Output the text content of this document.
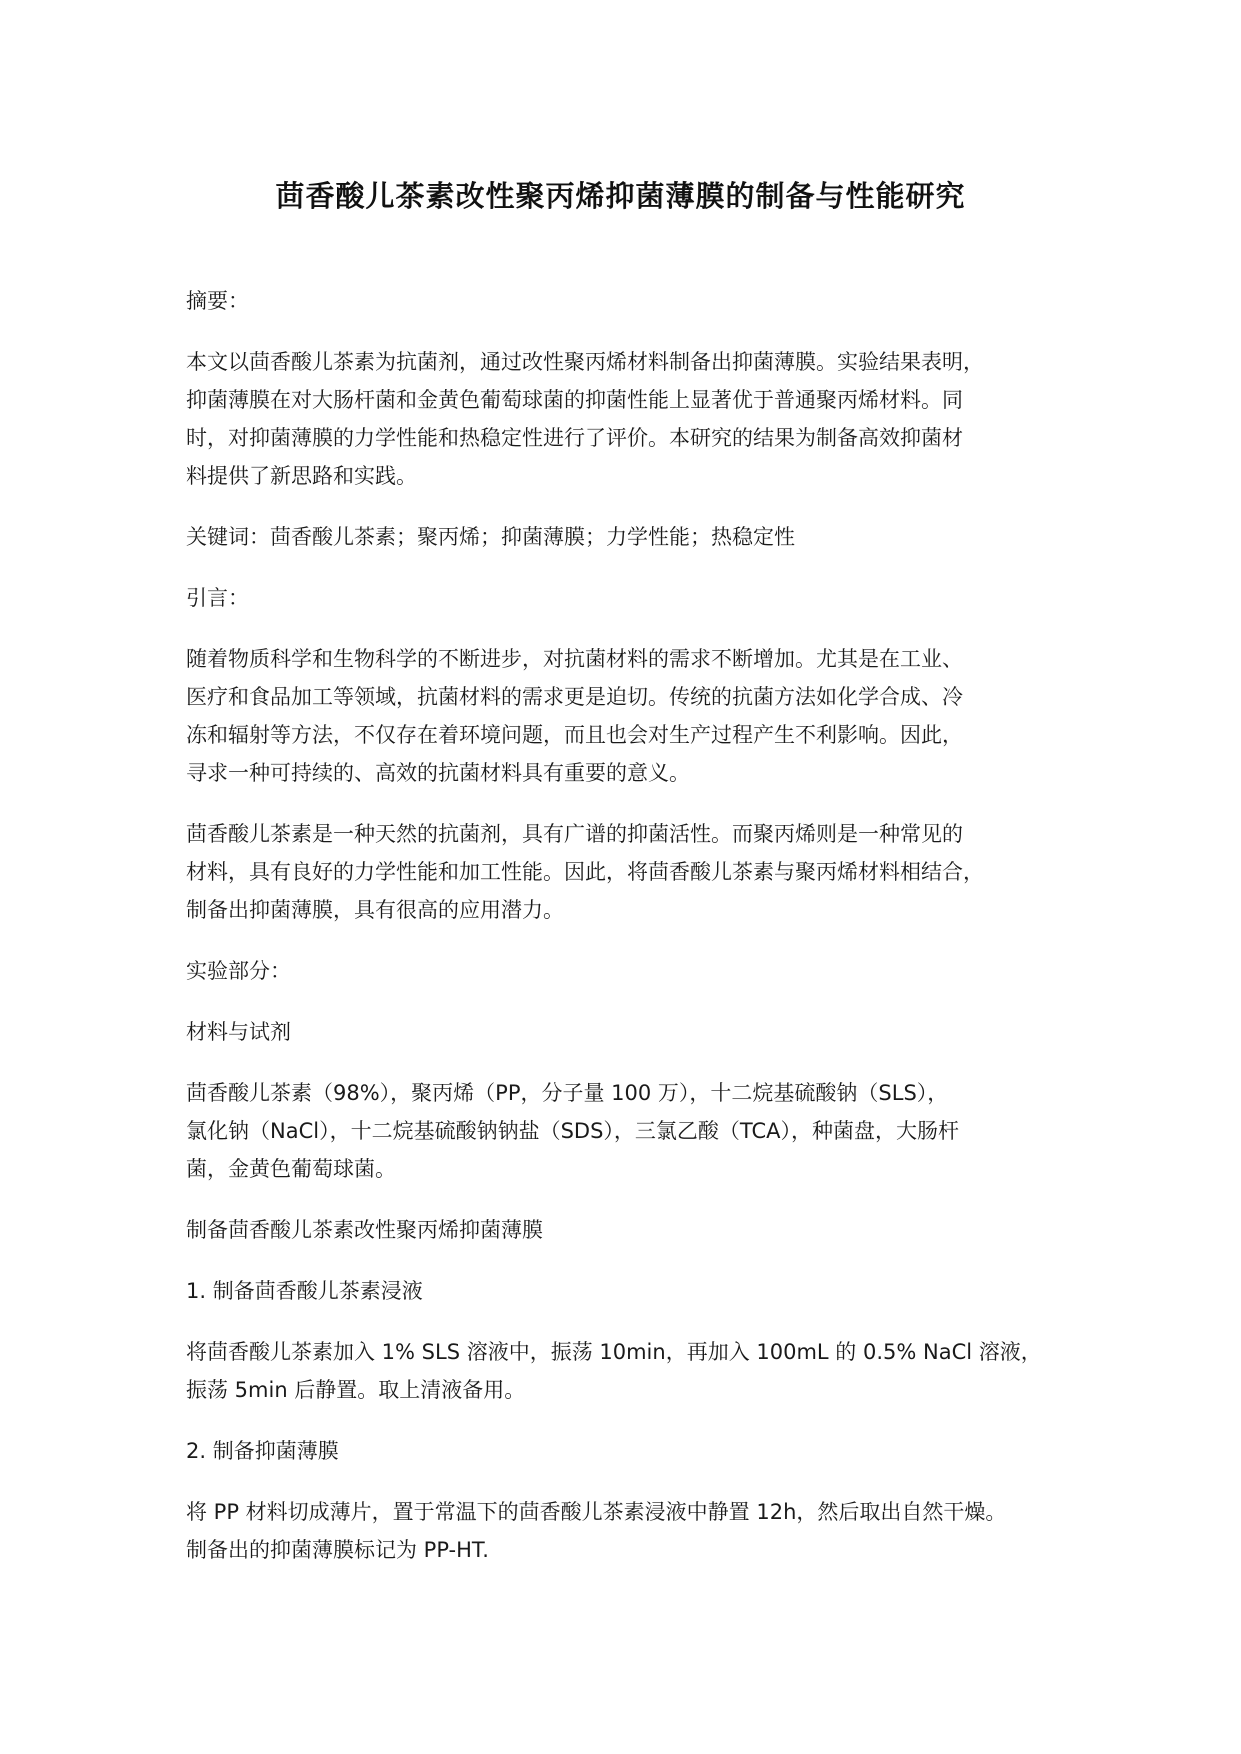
茴香酸儿茶素改性聚丙烯抑菌薄膜的制备与性能研究

摘要：

本文以茴香酸儿茶素为抗菌剂，通过改性聚丙烯材料制备出抑菌薄膜。实验结果表明，
抑菌薄膜在对大肠杆菌和金黄色葡萄球菌的抑菌性能上显著优于普通聚丙烯材料。同
时，对抑菌薄膜的力学性能和热稳定性进行了评价。本研究的结果为制备高效抑菌材
料提供了新思路和实践。

关键词：茴香酸儿茶素；聚丙烯；抑菌薄膜；力学性能；热稳定性

引言：

随着物质科学和生物科学的不断进步，对抗菌材料的需求不断增加。尤其是在工业、
医疗和食品加工等领域，抗菌材料的需求更是迫切。传统的抗菌方法如化学合成、冷
冻和辐射等方法，不仅存在着环境问题，而且也会对生产过程产生不利影响。因此，
寻求一种可持续的、高效的抗菌材料具有重要的意义。

茴香酸儿茶素是一种天然的抗菌剂，具有广谱的抑菌活性。而聚丙烯则是一种常见的
材料，具有良好的力学性能和加工性能。因此，将茴香酸儿茶素与聚丙烯材料相结合，
制备出抑菌薄膜，具有很高的应用潜力。

实验部分：

材料与试剂

茴香酸儿茶素（98%），聚丙烯（PP，分子量 100 万），十二烷基硫酸钠（SLS），
氯化钠（NaCl），十二烷基硫酸钠钠盐（SDS），三氯乙酸（TCA），种菌盘，大肠杆
菌，金黄色葡萄球菌。

制备茴香酸儿茶素改性聚丙烯抑菌薄膜

1. 制备茴香酸儿茶素浸液

将茴香酸儿茶素加入 1% SLS 溶液中，振荡 10min，再加入 100mL 的 0.5% NaCl 溶液，
振荡 5min 后静置。取上清液备用。

2. 制备抑菌薄膜

将 PP 材料切成薄片，置于常温下的茴香酸儿茶素浸液中静置 12h，然后取出自然干燥。
制备出的抑菌薄膜标记为 PP-HT.
